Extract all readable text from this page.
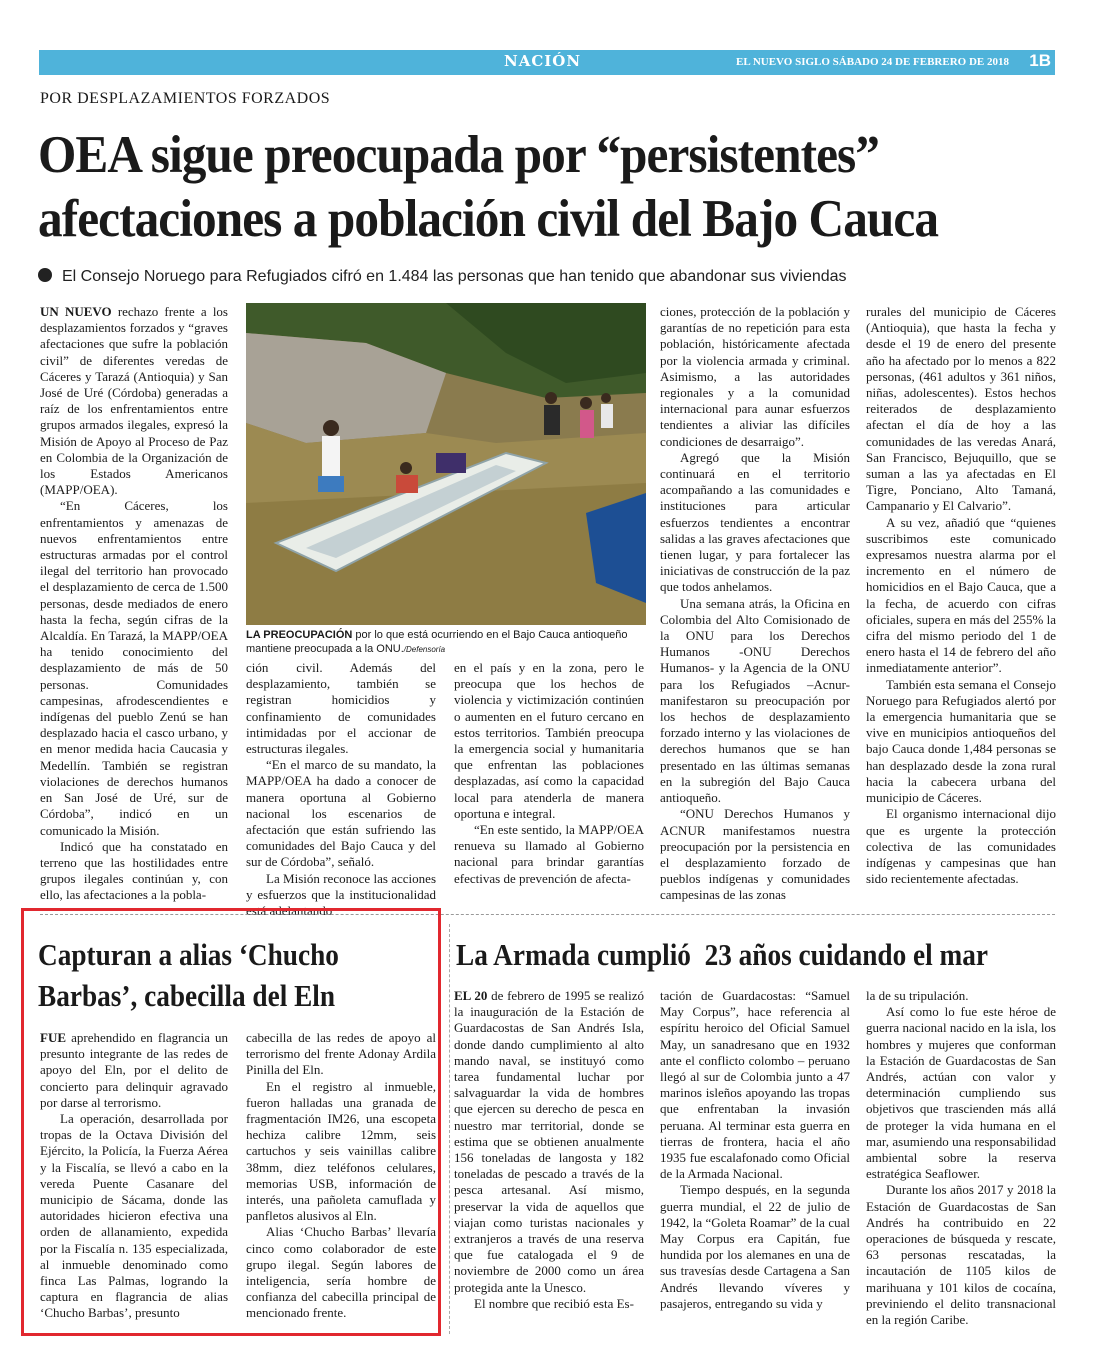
NACIÓN	EL NUEVO SIGLO SÁBADO 24 DE FEBRERO DE 2018 1B
POR DESPLAZAMIENTOS FORZADOS
OEA sigue preocupada por “persistentes”
afectaciones a población civil del Bajo Cauca
El Consejo Noruego para Refugiados cifró en 1.484 las personas que han tenido que abandonar sus viviendas

UN NUEVO rechazo frente a los desplazamientos forzados y “graves afectaciones que sufre la población civil” de diferentes veredas de Cáceres y Tarazá (Antioquia) y San José de Uré (Córdoba) generadas a raíz de los enfrentamientos entre grupos armados ilegales, expresó la Misión de Apoyo al Proceso de Paz en Colombia de la Organización de los Estados Americanos (MAPP/OEA).

“En Cáceres, los enfrentamientos y amenazas de nuevos enfrentamientos entre estructuras armadas por el control ilegal del territorio han provocado el desplazamiento de cerca de 1.500 personas, desde mediados de enero hasta la fecha, según cifras de la Alcaldía. En Tarazá, la MAPP/OEA ha tenido conocimiento del desplazamiento de más de 50 personas. Comunidades campesinas, afrodescendientes e indígenas del pueblo Zenú se han desplazado hacia el casco urbano, y en menor medida hacia Caucasia y Medellín. También se registran violaciones de derechos humanos en San José de Uré, sur de Córdoba”, indicó en un comunicado la Misión.

Indicó que ha constatado en terreno que las hostilidades entre grupos ilegales continúan y, con ello, las afectaciones a la pobla-

LA PREOCUPACIÓN por lo que está ocurriendo en el Bajo Cauca antioqueño mantiene preocupada a la ONU./Defensoría

ción civil. Además del desplazamiento, también se registran homicidios y confinamiento de comunidades intimidadas por el accionar de estructuras ilegales.

“En el marco de su mandato, la MAPP/OEA ha dado a conocer de manera oportuna al Gobierno nacional los escenarios de afectación que están sufriendo las comunidades del Bajo Cauca y del sur de Córdoba”, señaló.

La Misión reconoce las acciones y esfuerzos que la institucionalidad está adelantando

en el país y en la zona, pero le preocupa que los hechos de violencia y victimización continúen o aumenten en el futuro cercano en estos territorios. También preocupa la emergencia social y humanitaria que enfrentan las poblaciones desplazadas, así como la capacidad local para atenderla de manera oportuna e integral.

“En este sentido, la MAPP/OEA renueva su llamado al Gobierno nacional para brindar garantías efectivas de prevención de afecta-

ciones, protección de la población y garantías de no repetición para esta población, históricamente afectada por la violencia armada y criminal. Asimismo, a las autoridades regionales y a la comunidad internacional para aunar esfuerzos tendientes a aliviar las difíciles condiciones de desarraigo”.

Agregó que la Misión continuará en el territorio acompañando a las comunidades e instituciones para articular esfuerzos tendientes a encontrar salidas a las graves afectaciones que tienen lugar, y para fortalecer las iniciativas de construcción de la paz que todos anhelamos.

Una semana atrás, la Oficina en Colombia del Alto Comisionado de la ONU para los Derechos Humanos -ONU Derechos Humanos- y la Agencia de la ONU para los Refugiados –Acnur- manifestaron su preocupación por los hechos de desplazamiento forzado interno y las violaciones de derechos humanos que se han presentado en las últimas semanas en la subregión del Bajo Cauca antioqueño.

“ONU Derechos Humanos y ACNUR manifestamos nuestra preocupación por la persistencia en el desplazamiento forzado de pueblos indígenas y comunidades campesinas de las zonas

rurales del municipio de Cáceres (Antioquia), que hasta la fecha y desde el 19 de enero del presente año ha afectado por lo menos a 822 personas, (461 adultos y 361 niños, niñas, adolescentes). Estos hechos reiterados de desplazamiento afectan el día de hoy a las comunidades de las veredas Anará, San Francisco, Bejuquillo, que se suman a las ya afectadas en El Tigre, Ponciano, Alto Tamaná, Campanario y El Calvario”.

A su vez, añadió que “quienes suscribimos este comunicado expresamos nuestra alarma por el incremento en el número de homicidios en el Bajo Cauca, que a la fecha, de acuerdo con cifras oficiales, supera en más del 255% la cifra del mismo periodo del 1 de enero hasta el 14 de febrero del año inmediatamente anterior”.

También esta semana el Consejo Noruego para Refugiados alertó por la emergencia humanitaria que se vive en municipios antioqueños del bajo Cauca donde 1,484 personas se han desplazado desde la zona rural hacia la cabecera urbana del municipio de Cáceres.

El organismo internacional dijo que es urgente la protección colectiva de las comunidades indígenas y campesinas que han sido recientemente afectadas.

Capturan a alias ‘Chucho
Barbas’, cabecilla del Eln

FUE aprehendido en flagrancia un presunto integrante de las redes de apoyo del Eln, por el delito de concierto para delinquir agravado por darse al terrorismo.

La operación, desarrollada por tropas de la Octava División del Ejército, la Policía, la Fuerza Aérea y la Fiscalía, se llevó a cabo en la vereda Puente Casanare del municipio de Sácama, donde las autoridades hicieron efectiva una orden de allanamiento, expedida por la Fiscalía n. 135 especializada, al inmueble denominado como finca Las Palmas, logrando la captura en flagrancia de alias ‘Chucho Barbas’, presunto

cabecilla de las redes de apoyo al terrorismo del frente Adonay Ardila Pinilla del Eln.

En el registro al inmueble, fueron halladas una granada de fragmentación IM26, una escopeta hechiza calibre 12mm, seis cartuchos y seis vainillas calibre 38mm, diez teléfonos celulares, memorias USB, información de interés, una pañoleta camuflada y panfletos alusivos al Eln.

Alias ‘Chucho Barbas’ llevaría cinco como colaborador de este grupo ilegal. Según labores de inteligencia, sería hombre de confianza del cabecilla principal de mencionado frente.

La Armada cumplió  23 años cuidando el mar

EL 20 de febrero de 1995 se realizó la inauguración de la Estación de Guardacostas de San Andrés Isla, donde dando cumplimiento al alto mando naval, se instituyó como tarea fundamental luchar por salvaguardar la vida de hombres que ejercen su derecho de pesca en nuestro mar territorial, donde se estima que se obtienen anualmente 156 toneladas de langosta y 182 toneladas de pescado a través de la pesca artesanal. Así mismo, preservar la vida de aquellos que viajan como turistas nacionales y extranjeros a través de una reserva que fue catalogada el 9 de noviembre de 2000 como un área protegida ante la Unesco.

El nombre que recibió esta Es-

tación de Guardacostas: “Samuel May Corpus”, hace referencia al espíritu heroico del Oficial Samuel May, un sanadresano que en 1932 ante el conflicto colombo – peruano llegó al sur de Colombia junto a 47 marinos isleños apoyando las tropas que enfrentaban la invasión peruana. Al terminar esta guerra en tierras de frontera, hacia el año 1935 fue escalafonado como Oficial de la Armada Nacional.

Tiempo después, en la segunda guerra mundial, el 22 de julio de 1942, la “Goleta Roamar” de la cual May Corpus era Capitán, fue hundida por los alemanes en una de sus travesías desde Cartagena a San Andrés llevando víveres y pasajeros, entregando su vida y

la de su tripulación.

Así como lo fue este héroe de guerra nacional nacido en la isla, los hombres y mujeres que conforman la Estación de Guardacostas de San Andrés, actúan con valor y determinación cumpliendo sus objetivos que trascienden más allá de proteger la vida humana en el mar, asumiendo una responsabilidad ambiental sobre la reserva estratégica Seaflower.

Durante los años 2017 y 2018 la Estación de Guardacostas de San Andrés ha contribuido en 22 operaciones de búsqueda y rescate, 63 personas rescatadas, la incautación de 1105 kilos de marihuana y 101 kilos de cocaína, previniendo el delito transnacional en la región Caribe.
